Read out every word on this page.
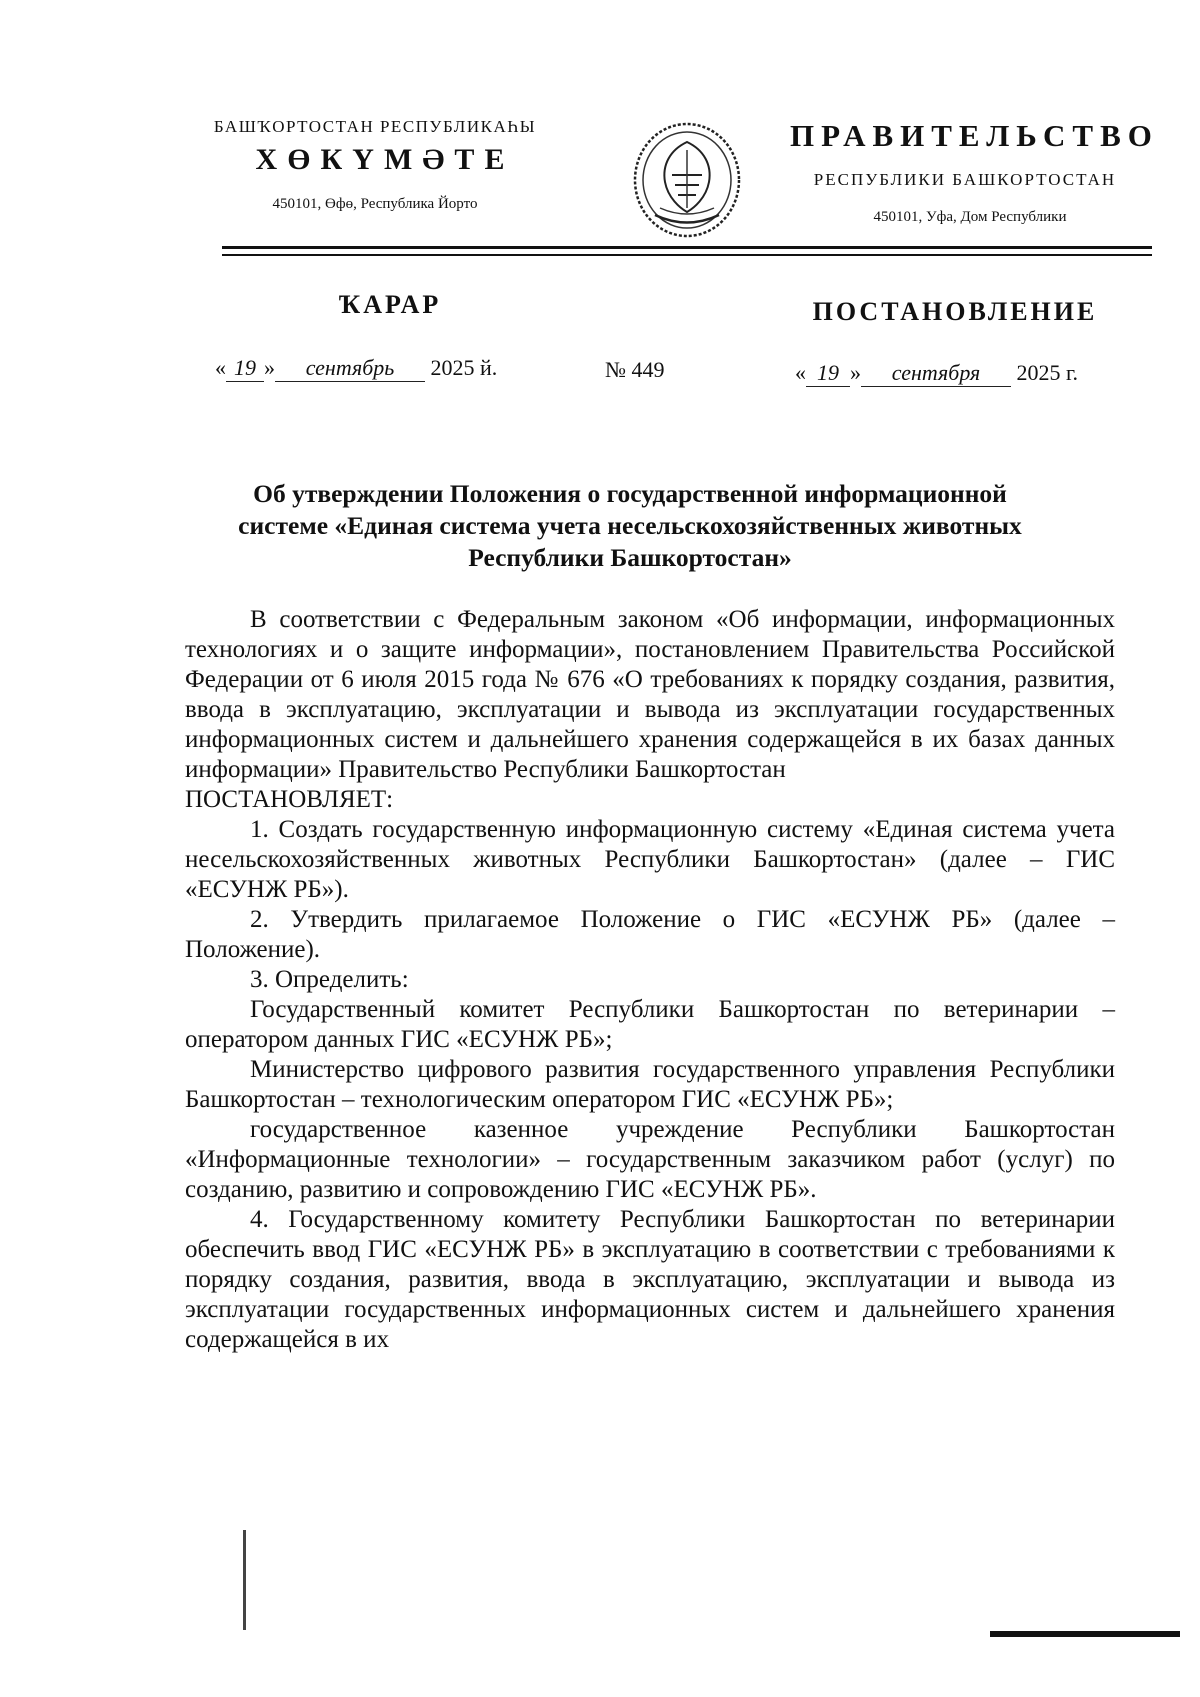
БАШҠОРТОСТАН РЕСПУБЛИКАҺЫ
ХӨКҮМӘТЕ
450101, Өфө, Республика Йорто
ПРАВИТЕЛЬСТВО
РЕСПУБЛИКИ БАШКОРТОСТАН
450101, Уфа, Дом Республики
ҠАРАР	ПОСТАНОВЛЕНИЕ
« 19 » сентябрь 2025 й.	№ 449	« 19 » сентября 2025 г.
Об утверждении Положения о государственной информационной
системе «Единая система учета несельскохозяйственных животных
Республики Башкортостан»

В соответствии с Федеральным законом «Об информации, информационных технологиях и о защите информации», постановлением Правительства Российской Федерации от 6 июля 2015 года № 676 «О требованиях к порядку создания, развития, ввода в эксплуатацию, эксплуатации и вывода из эксплуатации государственных информационных систем и дальнейшего хранения содержащейся в их базах данных информации» Правительство Республики Башкортостан

ПОСТАНОВЛЯЕТ:

1. Создать государственную информационную систему «Единая система учета несельскохозяйственных животных Республики Башкортостан» (далее – ГИС «ЕСУНЖ РБ»).

2. Утвердить прилагаемое Положение о ГИС «ЕСУНЖ РБ» (далее – Положение).

3. Определить:

Государственный комитет Республики Башкортостан по ветеринарии – оператором данных ГИС «ЕСУНЖ РБ»;

Министерство цифрового развития государственного управления Республики Башкортостан – технологическим оператором ГИС «ЕСУНЖ РБ»;

государственное казенное учреждение Республики Башкортостан «Информационные технологии» – государственным заказчиком работ (услуг) по созданию, развитию и сопровождению ГИС «ЕСУНЖ РБ».

4. Государственному комитету Республики Башкортостан по ветеринарии обеспечить ввод ГИС «ЕСУНЖ РБ» в эксплуатацию в соответствии с требованиями к порядку создания, развития, ввода в эксплуатацию, эксплуатации и вывода из эксплуатации государственных информационных систем и дальнейшего хранения содержащейся в их
